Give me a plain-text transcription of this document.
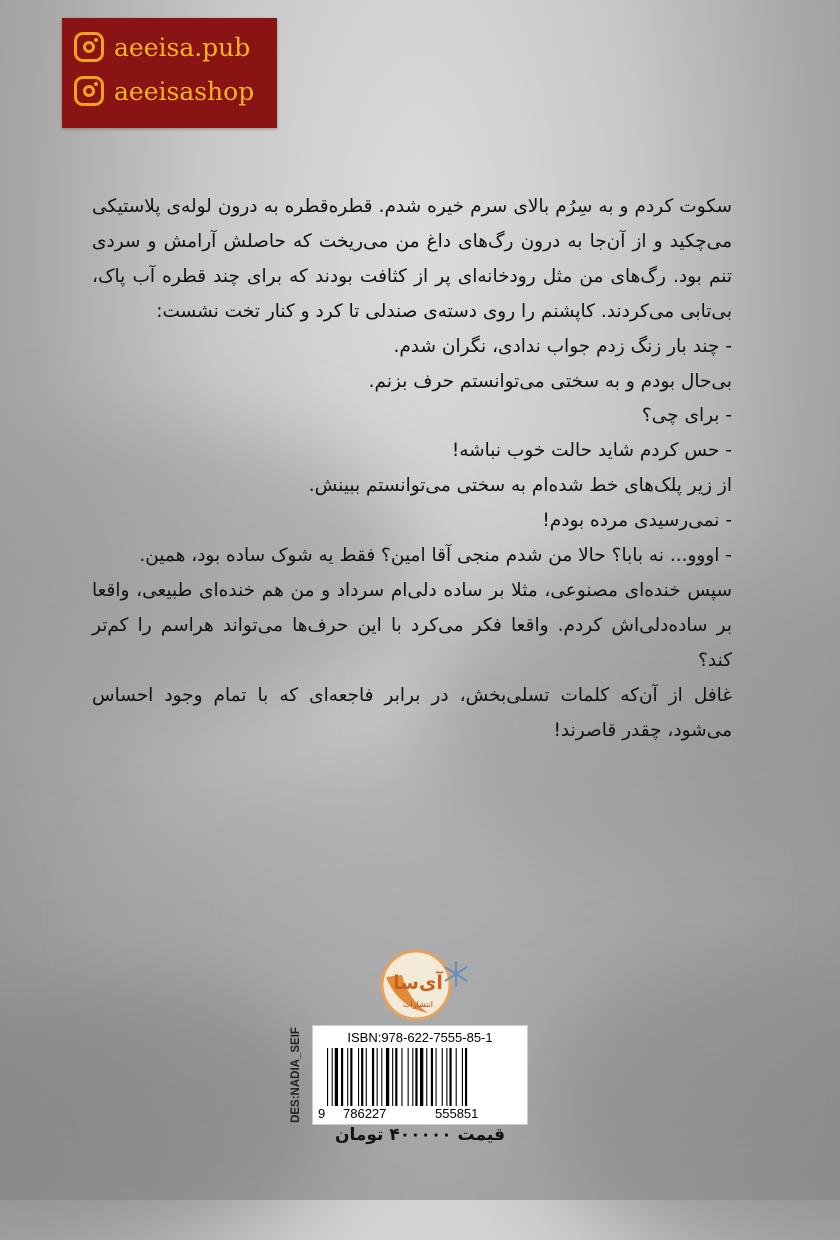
aeeisa.pub
aeeisashop

سکوت کردم و به سِرُم بالای سرم خیره شدم. قطره‌قطره به درون لوله‌ی پلاستیکی می‌چکید و از آن‌جا به درون رگ‌های داغ من می‌ریخت که حاصلش آرامش و سردی تنم بود. رگ‌های من مثل رودخانه‌ای پر از کثافت بودند که برای چند قطره آب پاک، بی‌تابی می‌کردند. کاپشنم را روی دسته‌ی صندلی تا کرد و کنار تخت نشست:

- چند بار زنگ زدم جواب ندادی، نگران شدم.

بی‌حال بودم و به سختی می‌توانستم حرف بزنم.

- برای چی؟

- حس کردم شاید حالت خوب نباشه!

از زیر پلک‌های خط شده‌ام به سختی می‌توانستم ببینش.

- نمی‌رسیدی مرده بودم!

- اووو... نه بابا؟ حالا من شدم منجی آقا امین؟ فقط یه شوک ساده بود، همین.

سپس خنده‌ای مصنوعی، مثلا بر ساده دلی‌ام سرداد و من هم خنده‌ای طبیعی، واقعا بر ساده‌دلی‌اش کردم. واقعا فکر می‌کرد با این حرف‌ها می‌تواند هراسم را کم‌تر کند؟

غافل از آن‌که کلمات تسلی‌بخش، در برابر فاجعه‌ای که با تمام وجود احساس می‌شود، چقدر قاصرند!

آی‌سا
انتشارات
DES:NADIA_SEIF	ISBN:978-622-7555-85-1
9 786227	555851
قیمت ۴۰۰۰۰۰ تومان
